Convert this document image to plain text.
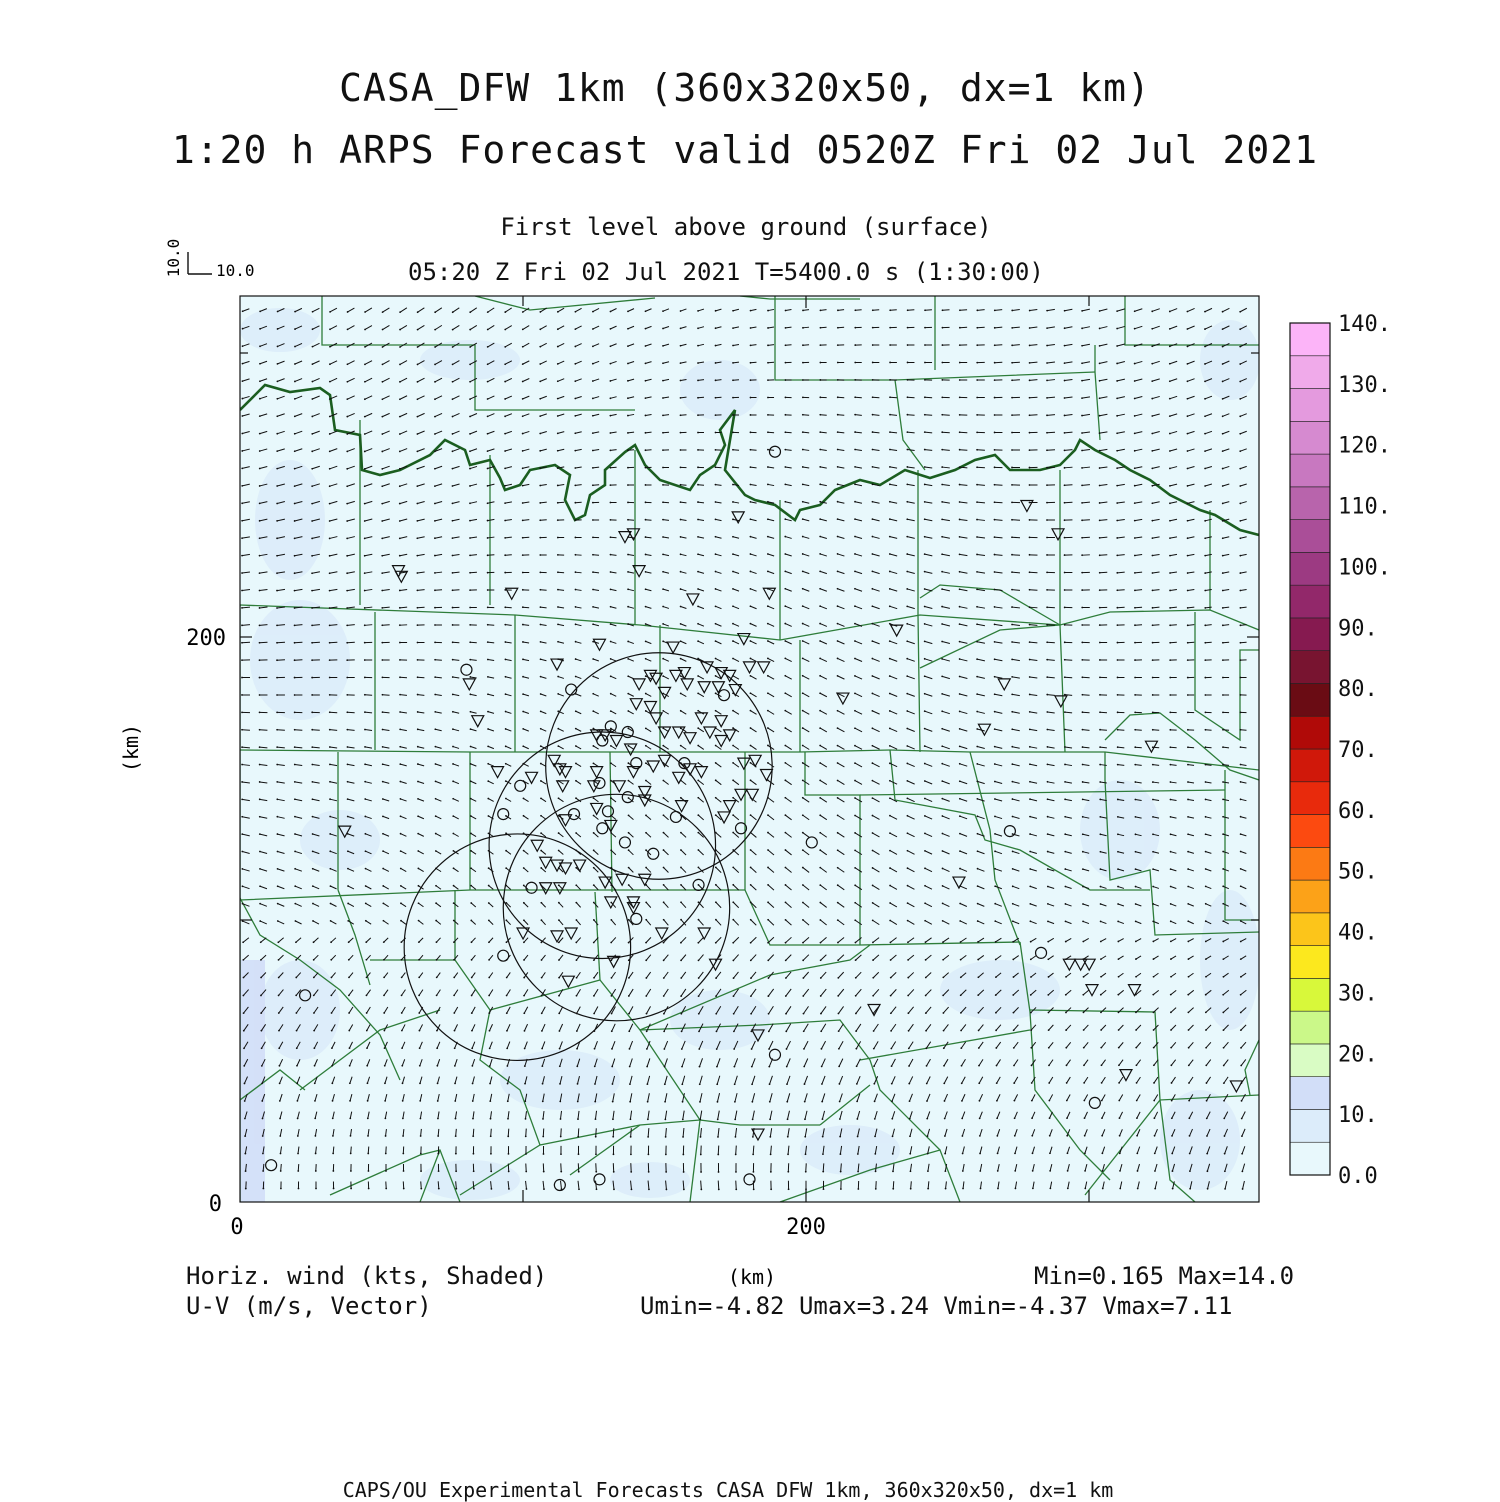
CASA_DFW 1km (360x320x50, dx=1 km)
1:20 h ARPS Forecast valid 0520Z Fri 02 Jul 2021
First level above ground (surface)
05:20 Z Fri 02 Jul 2021 T=5400.0 s (1:30:00)
Horiz. wind (kts, Shaded)
U-V (m/s, Vector)
Min=0.165 Max=14.0
Umin=-4.82 Umax=3.24 Vmin=-4.37 Vmax=7.11
CAPS/OU Experimental Forecasts CASA DFW 1km, 360x320x50, dx=1 km
0	200
0
200
(km)
(km)
10.0 10.0
0.0
10.
20.
30.
40.
50.
60.
70.
80.
90.
100.
110.
120.
130.
140.
